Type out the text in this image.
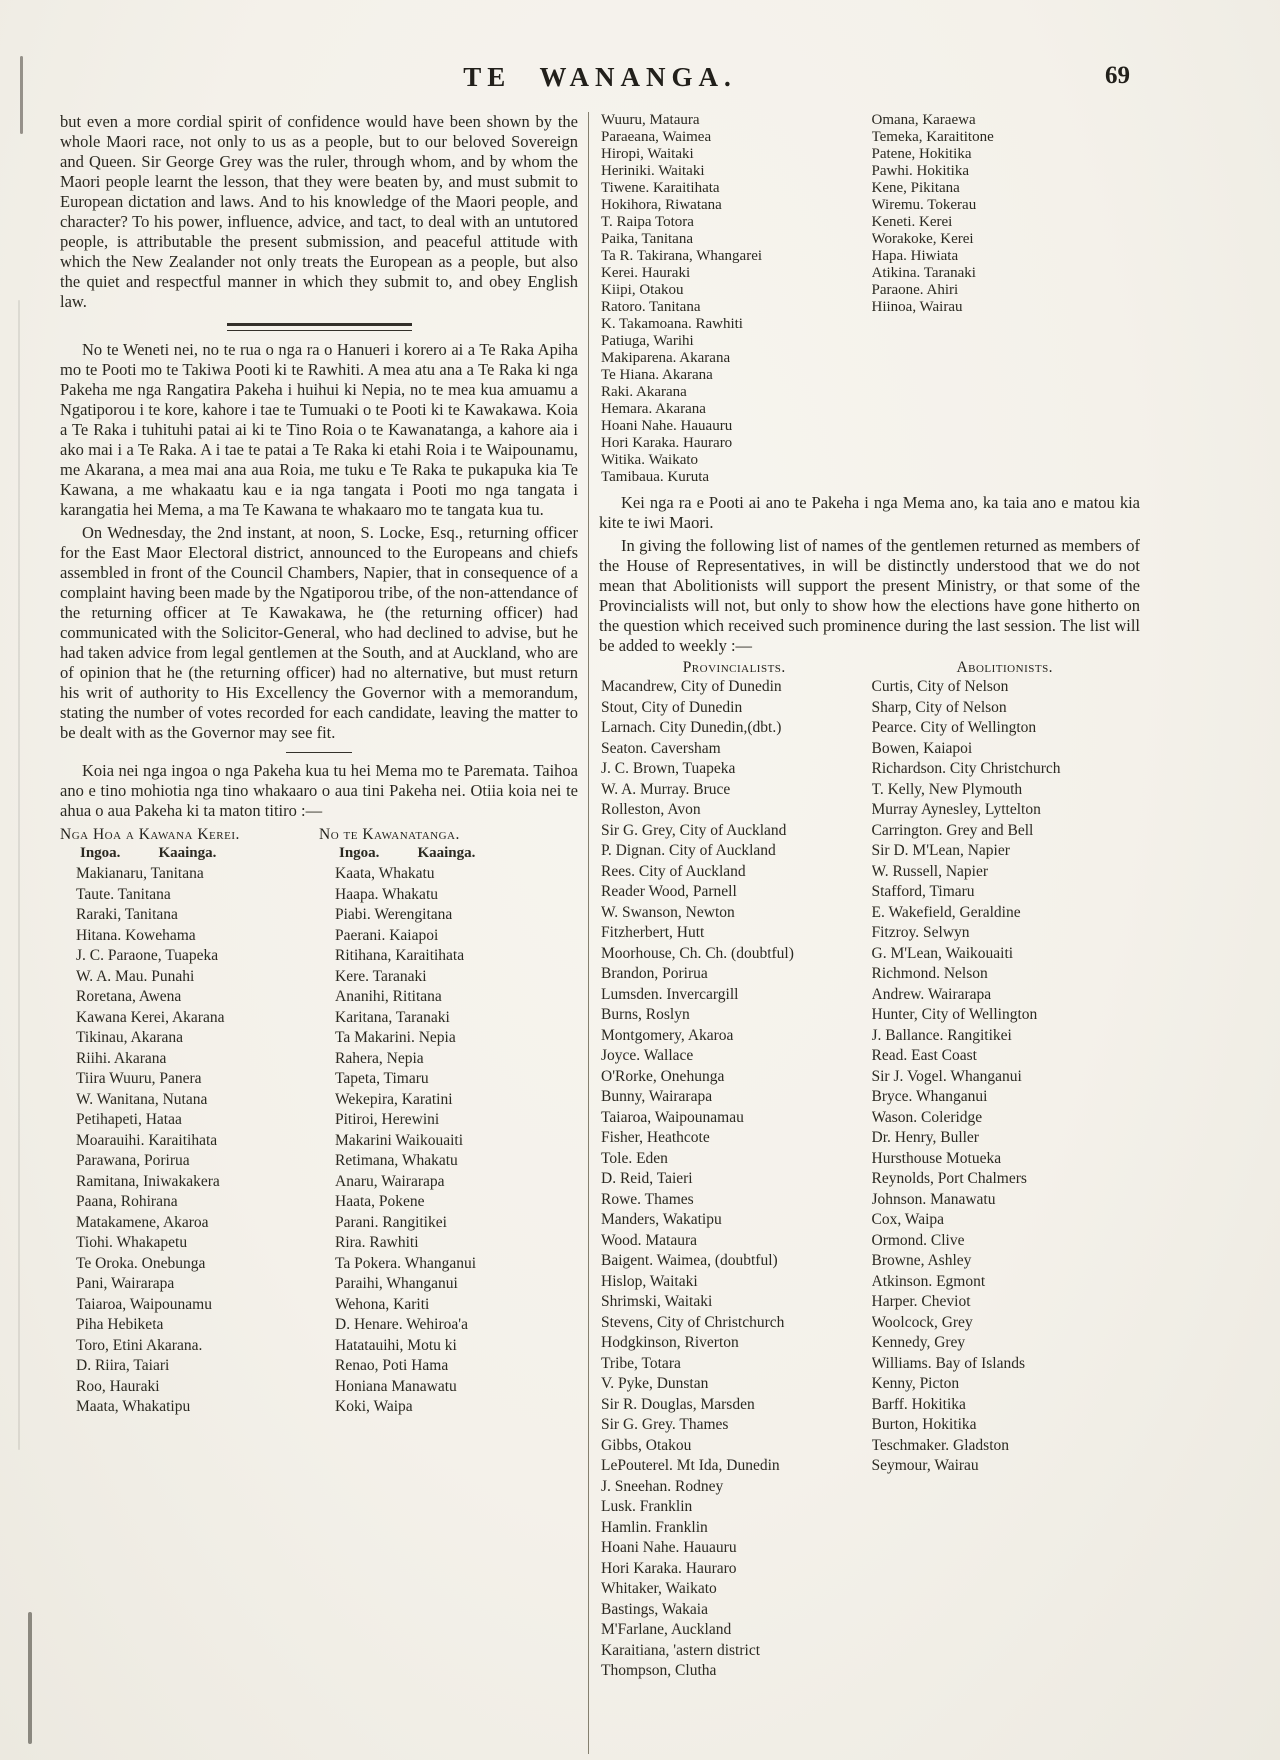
TE WANANGA.	69

but even a more cordial spirit of confidence would have been shown by the whole Maori race, not only to us as a people, but to our beloved Sovereign and Queen. Sir George Grey was the ruler, through whom, and by whom the Maori people learnt the lesson, that they were beaten by, and must submit to European dictation and laws. And to his knowledge of the Maori people, and character? To his power, influence, advice, and tact, to deal with an untutored people, is attributable the present submission, and peaceful attitude with which the New Zealander not only treats the European as a people, but also the quiet and respectful manner in which they submit to, and obey English law.

No te Weneti nei, no te rua o nga ra o Hanueri i korero ai a Te Raka Apiha mo te Pooti mo te Takiwa Pooti ki te Rawhiti. A mea atu ana a Te Raka ki nga Pakeha me nga Rangatira Pakeha i huihui ki Nepia, no te mea kua amuamu a Ngatiporou i te kore, kahore i tae te Tumuaki o te Pooti ki te Kawakawa. Koia a Te Raka i tuhituhi patai ai ki te Tino Roia o te Kawanatanga, a kahore aia i ako mai i a Te Raka. A i tae te patai a Te Raka ki etahi Roia i te Waipounamu, me Akarana, a mea mai ana aua Roia, me tuku e Te Raka te pukapuka kia Te Kawana, a me whakaatu kau e ia nga tangata i Pooti mo nga tangata i karangatia hei Mema, a ma Te Kawana te whakaaro mo te tangata kua tu.

On Wednesday, the 2nd instant, at noon, S. Locke, Esq., returning officer for the East Maor Electoral district, announced to the Europeans and chiefs assembled in front of the Council Chambers, Napier, that in consequence of a complaint having been made by the Ngatiporou tribe, of the non-attendance of the returning officer at Te Kawakawa, he (the returning officer) had communicated with the Solicitor-General, who had declined to advise, but he had taken advice from legal gentlemen at the South, and at Auckland, who are of opinion that he (the returning officer) had no alternative, but must return his writ of authority to His Excellency the Governor with a memorandum, stating the number of votes recorded for each candidate, leaving the matter to be dealt with as the Governor may see fit.

Koia nei nga ingoa o nga Pakeha kua tu hei Mema mo te Paremata. Taihoa ano e tino mohiotia nga tino whakaaro o aua tini Pakeha nei. Otiia koia nei te ahua o aua Pakeha ki ta maton titiro :—

Nga Hoa a Kawana Kerei.
Ingoa.	Kaainga.
Makianaru, Tanitana
Taute. Tanitana
Raraki, Tanitana
Hitana. Kowehama
J. C. Paraone, Tuapeka
W. A. Mau. Punahi
Roretana, Awena
Kawana Kerei, Akarana
Tikinau, Akarana
Riihi. Akarana
Tiira Wuuru, Panera
W. Wanitana, Nutana
Petihapeti, Hataa
Moarauihi. Karaitihata
Parawana, Porirua
Ramitana, Iniwakakera
Paana, Rohirana
Matakamene, Akaroa
Tiohi. Whakapetu
Te Oroka. Onebunga
Pani, Wairarapa
Taiaroa, Waipounamu
Piha Hebiketa
Toro, Etini Akarana.
D. Riira, Taiari
Roo, Hauraki
Maata, Whakatipu
No te Kawanatanga.
Ingoa.	Kaainga.
Kaata, Whakatu
Haapa. Whakatu
Piabi. Werengitana
Paerani. Kaiapoi
Ritihana, Karaitihata
Kere. Taranaki
Ananihi, Rititana
Karitana, Taranaki
Ta Makarini. Nepia
Rahera, Nepia
Tapeta, Timaru
Wekepira, Karatini
Pitiroi, Herewini
Makarini Waikouaiti
Retimana, Whakatu
Anaru, Wairarapa
Haata, Pokene
Parani. Rangitikei
Rira. Rawhiti
Ta Pokera. Whanganui
Paraihi, Whanganui
Wehona, Kariti
D. Henare. Wehiroa'a
Hatatauihi, Motu ki
Renao, Poti Hama
Honiana Manawatu
Koki, Waipa
Wuuru, Mataura
Paraeana, Waimea
Hiropi, Waitaki
Heriniki. Waitaki
Tiwene. Karaitihata
Hokihora, Riwatana
T. Raipa Totora
Paika, Tanitana
Ta R. Takirana, Whangarei
Kerei. Hauraki
Kiipi, Otakou
Ratoro. Tanitana
K. Takamoana. Rawhiti
Patiuga, Warihi
Makiparena. Akarana
Te Hiana. Akarana
Raki. Akarana
Hemara. Akarana
Hoani Nahe. Hauauru
Hori Karaka. Hauraro
Witika. Waikato
Tamibaua. Kuruta
Omana, Karaewa
Temeka, Karaititone
Patene, Hokitika
Pawhi. Hokitika
Kene, Pikitana
Wiremu. Tokerau
Keneti. Kerei
Worakoke, Kerei
Hapa. Hiwiata
Atikina. Taranaki
Paraone. Ahiri
Hiinoa, Wairau

Kei nga ra e Pooti ai ano te Pakeha i nga Mema ano, ka taia ano e matou kia kite te iwi Maori.

In giving the following list of names of the gentlemen returned as members of the House of Representatives, in will be distinctly understood that we do not mean that Abolitionists will support the present Ministry, or that some of the Provincialists will not, but only to show how the elections have gone hitherto on the question which received such prominence during the last session. The list will be added to weekly :—

Provincialists.
Macandrew, City of Dunedin
Stout, City of Dunedin
Larnach. City Dunedin,(dbt.)
Seaton. Caversham
J. C. Brown, Tuapeka
W. A. Murray. Bruce
Rolleston, Avon
Sir G. Grey, City of Auckland
P. Dignan. City of Auckland
Rees. City of Auckland
Reader Wood, Parnell
W. Swanson, Newton
Fitzherbert, Hutt
Moorhouse, Ch. Ch. (doubtful)
Brandon, Porirua
Lumsden. Invercargill
Burns, Roslyn
Montgomery, Akaroa
Joyce. Wallace
O'Rorke, Onehunga
Bunny, Wairarapa
Taiaroa, Waipounamau
Fisher, Heathcote
Tole. Eden
D. Reid, Taieri
Rowe. Thames
Manders, Wakatipu
Wood. Mataura
Baigent. Waimea, (doubtful)
Hislop, Waitaki
Shrimski, Waitaki
Stevens, City of Christchurch
Hodgkinson, Riverton
Tribe, Totara
V. Pyke, Dunstan
Sir R. Douglas, Marsden
Sir G. Grey. Thames
Gibbs, Otakou
LePouterel. Mt Ida, Dunedin
J. Sneehan. Rodney
Lusk. Franklin
Hamlin. Franklin
Hoani Nahe. Hauauru
Hori Karaka. Hauraro
Whitaker, Waikato
Bastings, Wakaia
M'Farlane, Auckland
Karaitiana, 'astern district
Thompson, Clutha
Abolitionists.
Curtis, City of Nelson
Sharp, City of Nelson
Pearce. City of Wellington
Bowen, Kaiapoi
Richardson. City Christchurch
T. Kelly, New Plymouth
Murray Aynesley, Lyttelton
Carrington. Grey and Bell
Sir D. M'Lean, Napier
W. Russell, Napier
Stafford, Timaru
E. Wakefield, Geraldine
Fitzroy. Selwyn
G. M'Lean, Waikouaiti
Richmond. Nelson
Andrew. Wairarapa
Hunter, City of Wellington
J. Ballance. Rangitikei
Read. East Coast
Sir J. Vogel. Whanganui
Bryce. Whanganui
Wason. Coleridge
Dr. Henry, Buller
Hursthouse Motueka
Reynolds, Port Chalmers
Johnson. Manawatu
Cox, Waipa
Ormond. Clive
Browne, Ashley
Atkinson. Egmont
Harper. Cheviot
Woolcock, Grey
Kennedy, Grey
Williams. Bay of Islands
Kenny, Picton
Barff. Hokitika
Burton, Hokitika
Teschmaker. Gladston
Seymour, Wairau
